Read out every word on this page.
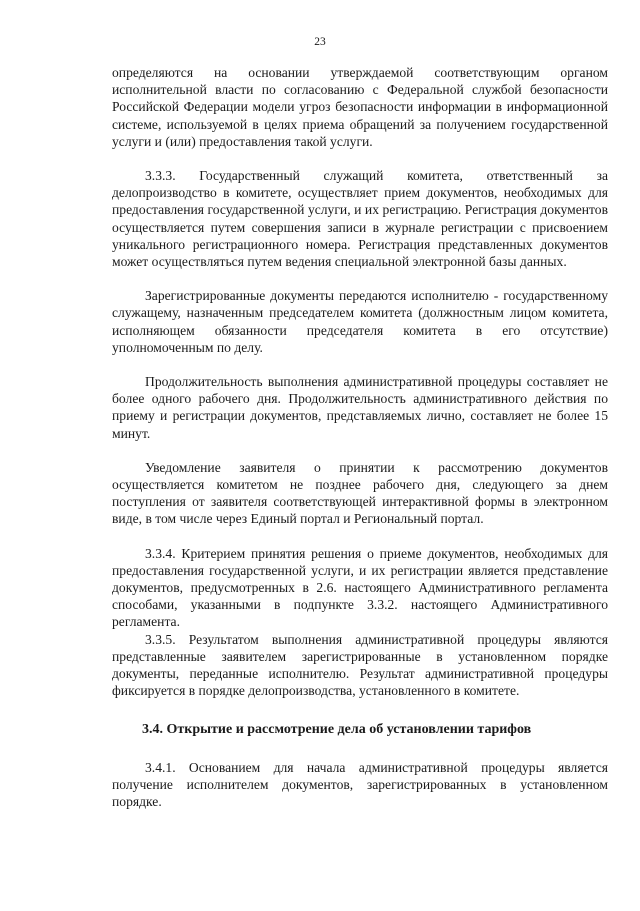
23

определяются на основании утверждаемой соответствующим органом исполнительной власти по согласованию с Федеральной службой безопасности Российской Федерации модели угроз безопасности информации в информационной системе, используемой в целях приема обращений за получением государственной услуги и (или) предоставления такой услуги.

3.3.3. Государственный служащий комитета, ответственный за делопроизводство в комитете, осуществляет прием документов, необходимых для предоставления государственной услуги, и их регистрацию. Регистрация документов осуществляется путем совершения записи в журнале регистрации с присвоением уникального регистрационного номера. Регистрация представленных документов может осуществляться путем ведения специальной электронной базы данных.

Зарегистрированные документы передаются исполнителю - государственному служащему, назначенным председателем комитета (должностным лицом комитета, исполняющем обязанности председателя комитета в его отсутствие) уполномоченным по делу.

Продолжительность выполнения административной процедуры составляет не более одного рабочего дня. Продолжительность административного действия по приему и регистрации документов, представляемых лично, составляет не более 15 минут.

Уведомление заявителя о принятии к рассмотрению документов осуществляется комитетом не позднее рабочего дня, следующего за днем поступления от заявителя соответствующей интерактивной формы в электронном виде, в том числе через Единый портал и Региональный портал.

3.3.4. Критерием принятия решения о приеме документов, необходимых для предоставления государственной услуги, и их регистрации является представление документов, предусмотренных в 2.6. настоящего Административного регламента способами, указанными в подпункте 3.3.2. настоящего Административного регламента.

3.3.5. Результатом выполнения административной процедуры являются представленные заявителем зарегистрированные в установленном порядке документы, переданные исполнителю. Результат административной процедуры фиксируется в порядке делопроизводства, установленного в комитете.

3.4. Открытие и рассмотрение дела об установлении тарифов

3.4.1. Основанием для начала административной процедуры является получение исполнителем документов, зарегистрированных в установленном порядке.
